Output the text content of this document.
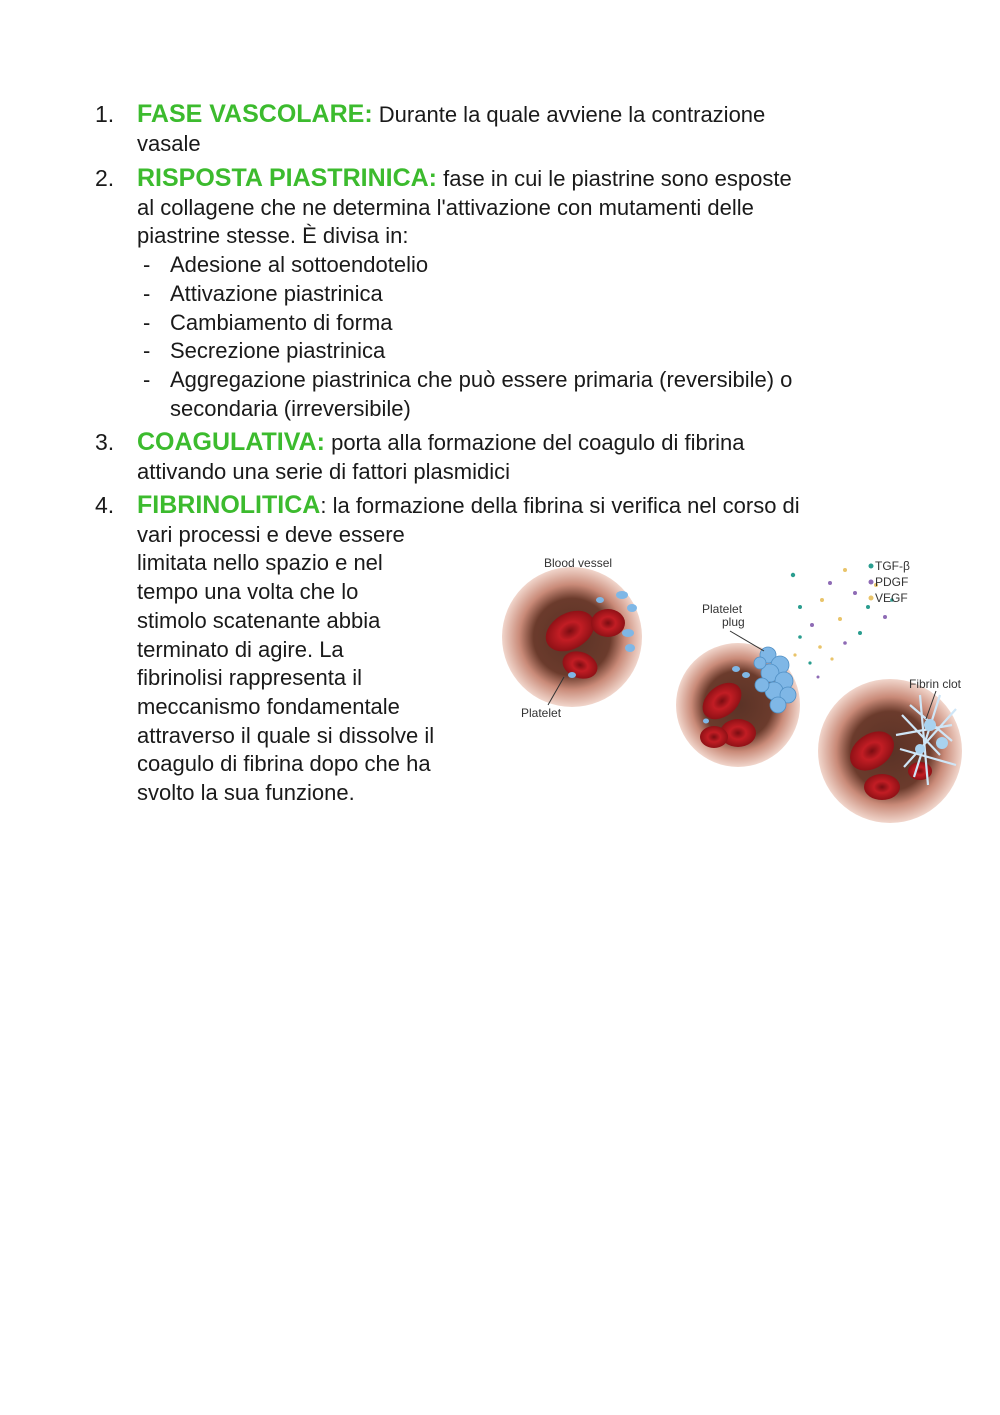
1. FASE VASCOLARE: Durante la quale avviene la contrazione
vasale
2. RISPOSTA PIASTRINICA: fase in cui le piastrine sono esposte
al collagene che ne determina l'attivazione con mutamenti delle
piastrine stesse. È divisa in:
- Adesione al sottoendotelio
- Attivazione piastrinica
- Cambiamento di forma
- Secrezione piastrinica
- Aggregazione piastrinica che può essere primaria (reversibile) o
secondaria (irreversibile)
3. COAGULATIVA: porta alla formazione del coagulo di fibrina
attivando una serie di fattori plasmidici
4. FIBRINOLITICA: la formazione della fibrina si verifica nel corso di
vari processi e deve essere
limitata nello spazio e nel
tempo una volta che lo
stimolo scatenante abbia
terminato di agire. La
fibrinolisi rappresenta il
meccanismo fondamentale
attraverso il quale si dissolve il
coagulo di fibrina dopo che ha
svolto la sua funzione.
Blood vessel
Platelet
Platelet
plug
Fibrin clot
TGF-β
PDGF
VEGF
